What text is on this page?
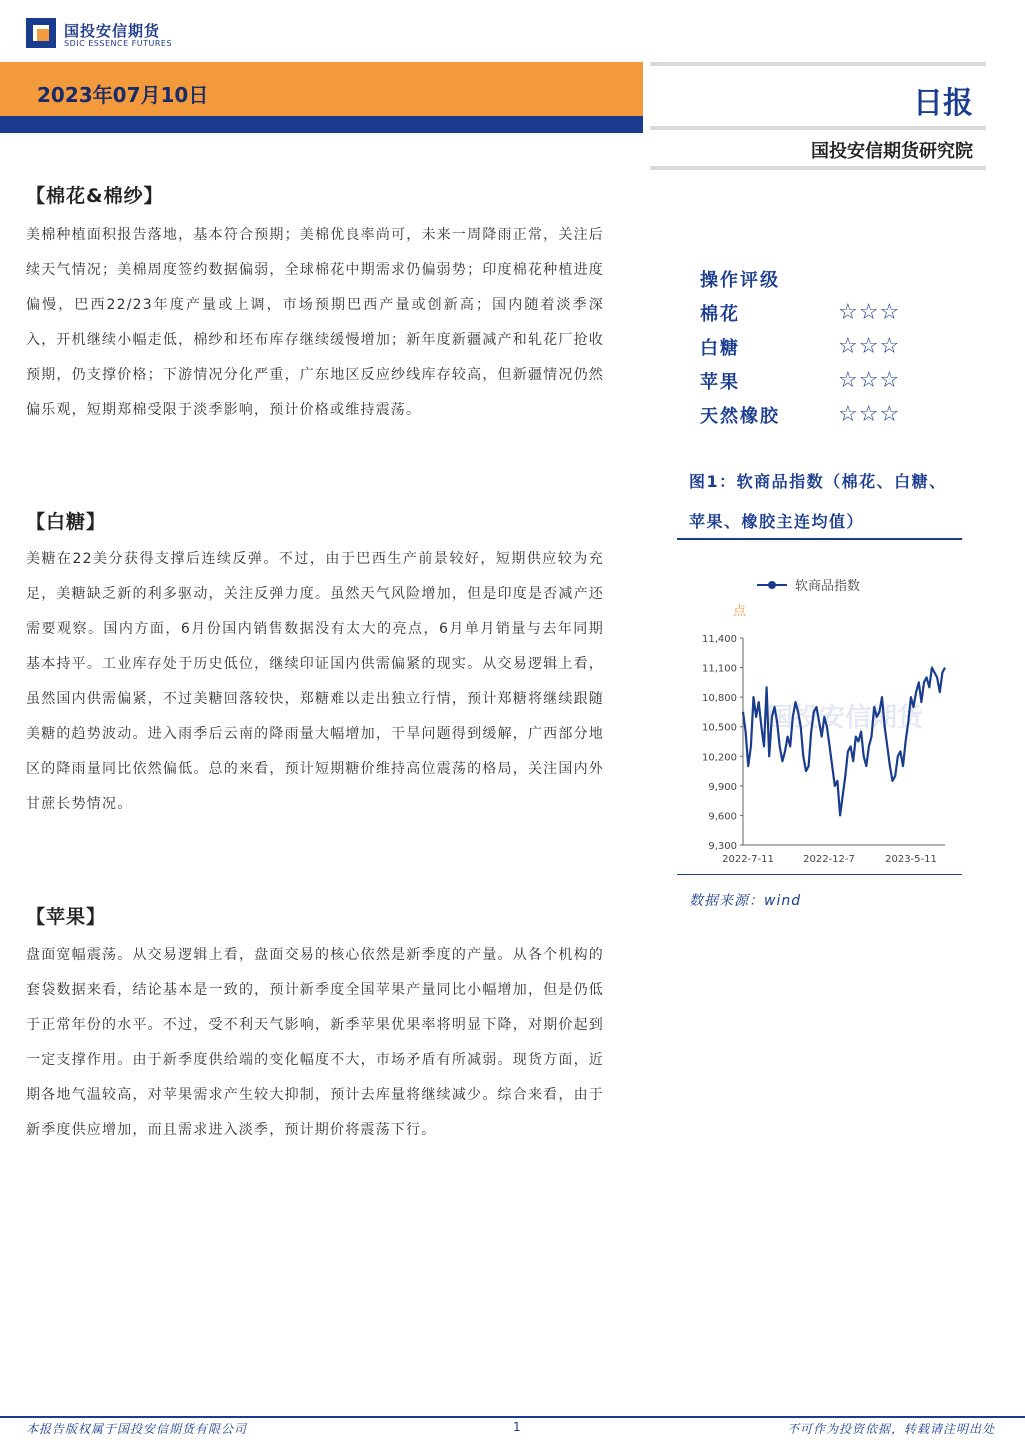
国投安信期货
SDIC ESSENCE FUTURES
2023年07月10日	日报
国投安信期货研究院
【棉花&棉纱】
美棉种植面积报告落地，基本符合预期；美棉优良率尚可，未来一周降雨正常，关注后续天气情况；美棉周度签约数据偏弱，全球棉花中期需求仍偏弱势；印度棉花种植进度偏慢，巴西22/23年度产量或上调，市场预期巴西产量或创新高；国内随着淡季深入，开机继续小幅走低，棉纱和坯布库存继续缓慢增加；新年度新疆减产和轧花厂抢收预期，仍支撑价格；下游情况分化严重，广东地区反应纱线库存较高，但新疆情况仍然偏乐观，短期郑棉受限于淡季影响，预计价格或维持震荡。
【白糖】
美糖在22美分获得支撑后连续反弹。不过，由于巴西生产前景较好，短期供应较为充足，美糖缺乏新的利多驱动，关注反弹力度。虽然天气风险增加，但是印度是否减产还需要观察。国内方面，6月份国内销售数据没有太大的亮点，6月单月销量与去年同期基本持平。工业库存处于历史低位，继续印证国内供需偏紧的现实。从交易逻辑上看，虽然国内供需偏紧，不过美糖回落较快，郑糖难以走出独立行情，预计郑糖将继续跟随美糖的趋势波动。进入雨季后云南的降雨量大幅增加，干旱问题得到缓解，广西部分地区的降雨量同比依然偏低。总的来看，预计短期糖价维持高位震荡的格局，关注国内外甘蔗长势情况。
【苹果】
盘面宽幅震荡。从交易逻辑上看，盘面交易的核心依然是新季度的产量。从各个机构的套袋数据来看，结论基本是一致的，预计新季度全国苹果产量同比小幅增加，但是仍低于正常年份的水平。不过，受不利天气影响，新季苹果优果率将明显下降，对期价起到一定支撑作用。由于新季度供给端的变化幅度不大，市场矛盾有所减弱。现货方面，近期各地气温较高，对苹果需求产生较大抑制，预计去库量将继续减少。综合来看，由于新季度供应增加，而且需求进入淡季，预计期价将震荡下行。
操作评级
棉花	☆☆☆
白糖	☆☆☆
苹果	☆☆☆
天然橡胶	☆☆☆
图1：软商品指数（棉花、白糖、苹果、橡胶主连均值）
国投安信期货
软商品指数
点
11,400
11,100
10,800
10,500
10,200
9,900
9,600
9,300
2022-7-11	2022-12-7	2023-5-11
数据来源：wind
本报告版权属于国投安信期货有限公司	1	不可作为投资依据，转载请注明出处
